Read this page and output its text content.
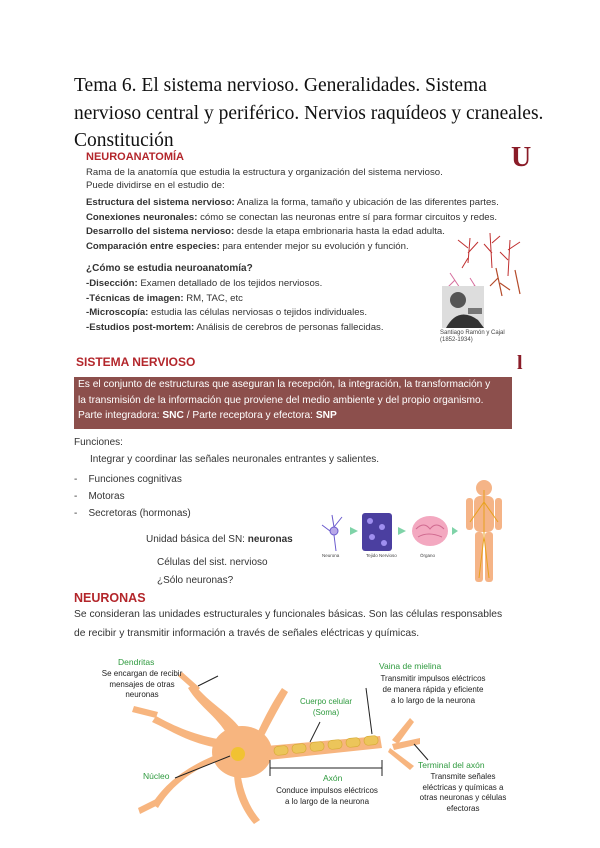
Tema 6. El sistema nervioso. Generalidades. Sistema nervioso central y periférico. Nervios raquídeos y craneales. Constitución
NEUROANATOMÍA	U
Rama de la anatomía que estudia la estructura y organización del sistema nervioso.
Puede dividirse en el estudio de:
Estructura del sistema nervioso: Analiza la forma, tamaño y ubicación de las diferentes partes.
Conexiones neuronales: cómo se conectan las neuronas entre sí para formar circuitos y redes.
Desarrollo del sistema nervioso: desde la etapa embrionaria hasta la edad adulta.
Comparación entre especies: para entender mejor su evolución y función.
¿Cómo se estudia neuroanatomía?
-Disección: Examen detallado de los tejidos nerviosos.
-Técnicas de imagen: RM, TAC, etc
-Microscopía: estudia las células nerviosas o tejidos individuales.
-Estudios post-mortem: Análisis de cerebros de personas fallecidas.
Santiago Ramón y Cajal
(1852-1934)
SISTEMA NERVIOSO	l
Es el conjunto de estructuras que aseguran la recepción, la integración, la transformación y
la transmisión de la información que proviene del medio ambiente y del propio organismo.
Parte integradora: SNC / Parte receptora y efectora: SNP
Funciones:
Integrar y coordinar las señales neuronales entrantes y salientes.
-    Funciones cognitivas
-    Motoras
-    Secretoras (hormonas)
Unidad básica del SN: neuronas
Células del sist. nervioso
¿Sólo neuronas?
Neurona	Tejido Nervioso	Órgano
NEURONAS
Se consideran las unidades estructurales y funcionales básicas. Son las células responsables
de recibir y transmitir información a través de señales eléctricas y químicas.
Dendritas
Se encargan de recibir
mensajes de otras
neuronas
Vaina de mielina
Transmitir impulsos eléctricos
de manera rápida y eficiente
a lo largo de la neurona
Cuerpo celular
(Soma)
Núcleo	Axón
Conduce impulsos eléctricos
a lo largo de la neurona
Terminal del axón
Transmite señales
eléctricas y químicas a
otras neuronas y células
efectoras
